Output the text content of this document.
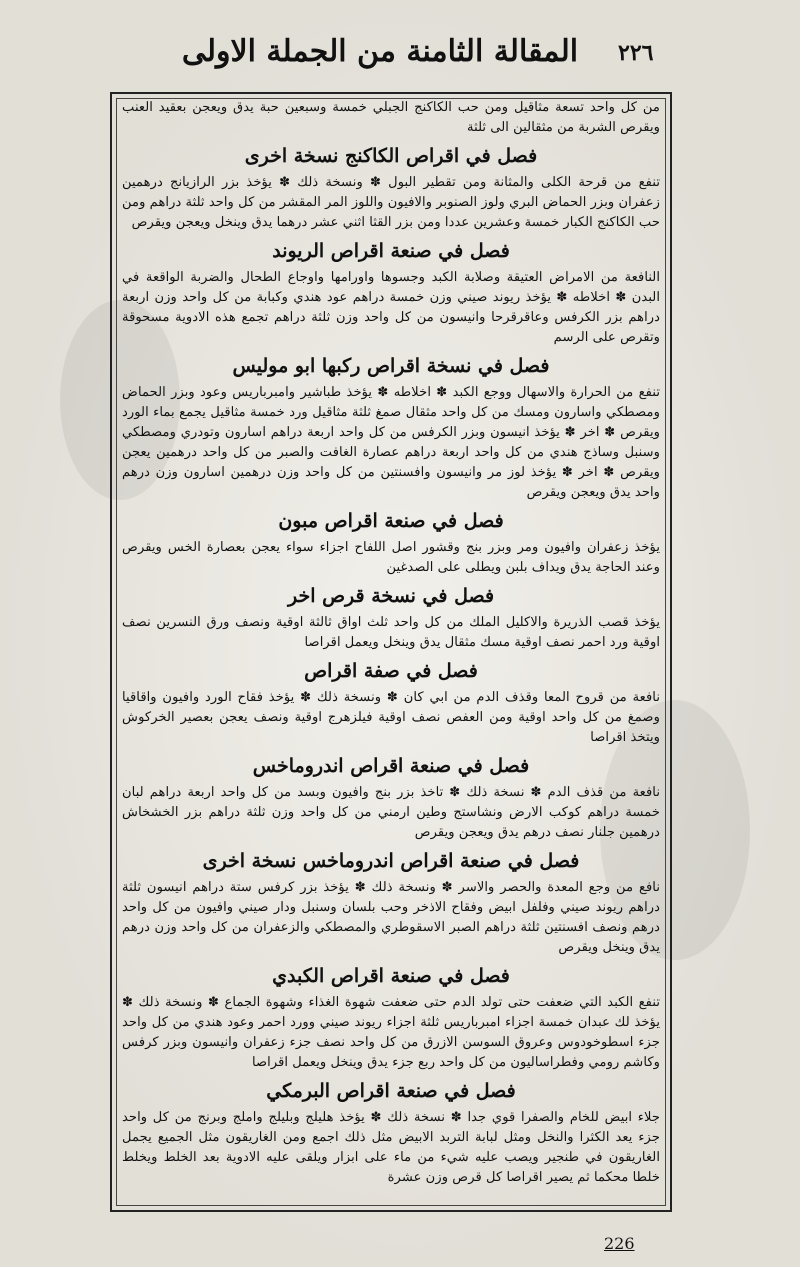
المقالة الثامنة من الجملة الاولى	٢٢٦

من كل واحد تسعة مثاقيل ومن حب الكاكنج الجبلي خمسة وسبعين حبة يدق ويعجن بعقيد العنب ويقرص الشربة من مثقالين الى ثلثة

فصل في اقراص الكاكنج نسخة اخرى

تنفع من قرحة الكلى والمثانة ومن تقطير البول ✽ ونسخة ذلك ✽ يؤخذ بزر الرازيانج درهمين زعفران وبزر الحماض البري ولوز الصنوبر والافيون واللوز المر المقشر من كل واحد ثلثة دراهم ومن حب الكاكنج الكبار خمسة وعشرين عددا ومن بزر القثا اثني عشر درهما يدق وينخل ويعجن ويقرص

فصل في صنعة اقراص الريوند

النافعة من الامراض العتيقة وصلابة الكبد وجسوها واورامها واوجاع الطحال والضربة الواقعة في البدن ✽ اخلاطه ✽ يؤخذ ريوند صيني وزن خمسة دراهم عود هندي وكبابة من كل واحد وزن اربعة دراهم بزر الكرفس وعاقرقرحا وانيسون من كل واحد وزن ثلثة دراهم تجمع هذه الادوية مسحوقة وتقرص على الرسم

فصل في نسخة اقراص ركبها ابو موليس

تنفع من الحرارة والاسهال ووجع الكبد ✽ اخلاطه ✽ يؤخذ طباشير وامبرباريس وعود وبزر الحماض ومصطكي واسارون ومسك من كل واحد مثقال صمغ ثلثة مثاقيل ورد خمسة مثاقيل يجمع بماء الورد ويقرص ✽ اخر ✽ يؤخذ انيسون وبزر الكرفس من كل واحد اربعة دراهم اسارون وتودري ومصطكي وسنبل وساذج هندي من كل واحد اربعة دراهم عصارة الغافت والصبر من كل واحد درهمين يعجن ويقرص ✽ اخر ✽ يؤخذ لوز مر وانيسون وافسنتين من كل واحد وزن درهمين اسارون وزن درهم واحد يدق ويعجن ويقرص

فصل في صنعة اقراص مبون

يؤخذ زعفران وافيون ومر وبزر بنج وقشور اصل اللفاح اجزاء سواء يعجن بعصارة الخس ويقرص وعند الحاجة يدق ويداف بلبن ويطلى على الصدغين

فصل في نسخة قرص اخر

يؤخذ قصب الذريرة والاكليل الملك من كل واحد ثلث اواق ثالثة اوقية ونصف ورق النسرين نصف اوقية ورد احمر نصف اوقية مسك مثقال يدق وينخل ويعمل اقراصا

فصل في صفة اقراص

نافعة من قروح المعا وقذف الدم من ابي كان ✽ ونسخة ذلك ✽ يؤخذ فقاح الورد وافيون واقاقيا وصمغ من كل واحد اوقية ومن العفص نصف اوقية فيلزهرج اوقية ونصف يعجن بعصير الخركوش ويتخذ اقراصا

فصل في صنعة اقراص اندروماخس

نافعة من قذف الدم ✽ نسخة ذلك ✽ تاخذ بزر بنج وافيون وبسد من كل واحد اربعة دراهم لبان خمسة دراهم كوكب الارض ونشاستج وطين ارمني من كل واحد وزن ثلثة دراهم بزر الخشخاش درهمين جلنار نصف درهم يدق ويعجن ويقرص

فصل في صنعة اقراص اندروماخس نسخة اخرى

نافع من وجع المعدة والحصر والاسر ✽ ونسخة ذلك ✽ يؤخذ بزر كرفس ستة دراهم انيسون ثلثة دراهم ريوند صيني وفلفل ابيض وفقاح الاذخر وحب بلسان وسنبل ودار صيني وافيون من كل واحد درهم ونصف افسنتين ثلثة دراهم الصبر الاسقوطري والمصطكي والزعفران من كل واحد وزن درهم يدق وينخل ويقرص

فصل في صنعة اقراص الكبدي

تنفع الكبد التي ضعفت حتى تولد الدم حتى ضعفت شهوة الغذاء وشهوة الجماع ✽ ونسخة ذلك ✽ يؤخذ لك عبدان خمسة اجزاء امبرباريس ثلثة اجزاء ريوند صيني وورد احمر وعود هندي من كل واحد جزء اسطوخودوس وعروق السوسن الازرق من كل واحد نصف جزء زعفران وانيسون وبزر كرفس وكاشم رومي وفطراساليون من كل واحد ربع جزء يدق وينخل ويعمل اقراصا

فصل في صنعة اقراص البرمكي

جلاء ابيض للخام والصفرا قوي جدا ✽ نسخة ذلك ✽ يؤخذ هليلج وبليلج واملج وبرنج من كل واحد جزء يعد الكثرا والنخل ومثل لبابة التربد الابيض مثل ذلك اجمع ومن الغاريقون مثل الجميع يجمل الغاريقون في طنجير ويصب عليه شيء من ماء على ابزار ويلقى عليه الادوية بعد الخلط ويخلط خلطا محكما ثم يصير اقراصا كل قرص وزن عشرة

226
